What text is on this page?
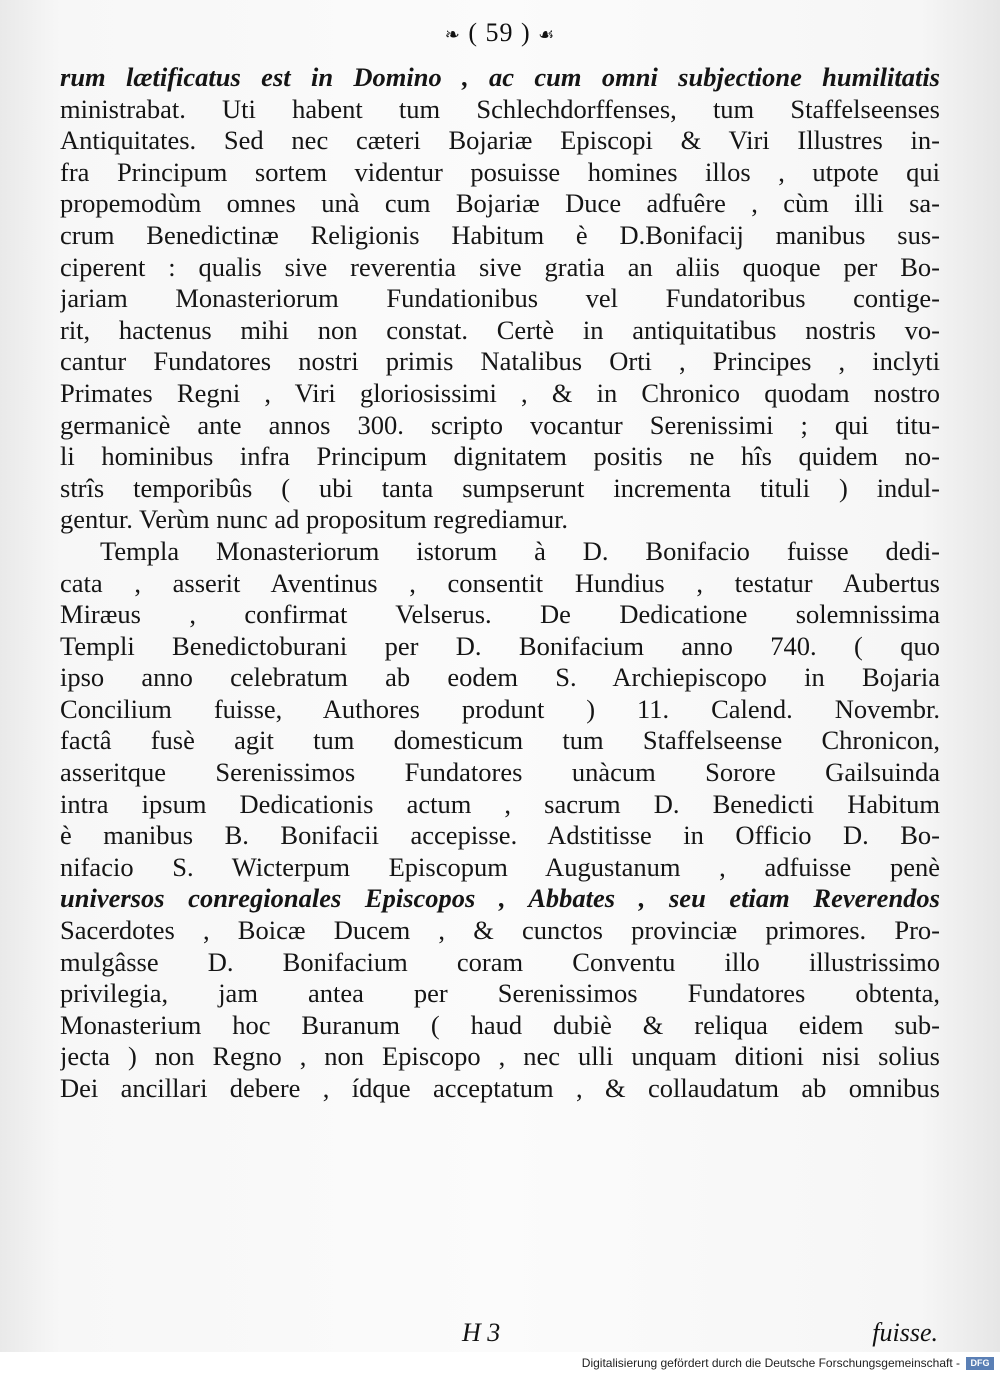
❧ ( 59 ) ☙
rum lætificatus est in Domino , ac cum omni subjectione humilitatis
ministrabat. Uti habent tum Schlechdorffenses, tum Staffelseenses
Antiquitates. Sed nec cæteri Bojariæ Episcopi & Viri Illustres in-
fra Principum sortem videntur posuisse homines illos , utpote qui
propemodùm omnes unà cum Bojariæ Duce adfuêre , cùm illi sa-
crum Benedictinæ Religionis Habitum è D.Bonifacij manibus sus-
ciperent : qualis sive reverentia sive gratia an aliis quoque per Bo-
jariam Monasteriorum Fundationibus vel Fundatoribus contige-
rit, hactenus mihi non constat. Certè in antiquitatibus nostris vo-
cantur Fundatores nostri primis Natalibus Orti , Principes , inclyti
Primates Regni , Viri gloriosissimi , & in Chronico quodam nostro
germanicè ante annos 300. scripto vocantur Serenissimi ; qui titu-
li hominibus infra Principum dignitatem positis ne hîs quidem no-
strîs temporibûs ( ubi tanta sumpserunt incrementa tituli ) indul-
gentur. Verùm nunc ad propositum regrediamur.
Templa Monasteriorum istorum à D. Bonifacio fuisse dedi-
cata , asserit Aventinus , consentit Hundius , testatur Aubertus
Miræus , confirmat Velserus. De Dedicatione solemnissima
Templi Benedictoburani per D. Bonifacium anno 740. ( quo
ipso anno celebratum ab eodem S. Archiepiscopo in Bojaria
Concilium fuisse, Authores produnt ) 11. Calend. Novembr.
factâ fusè agit tum domesticum tum Staffelseense Chronicon,
asseritque Serenissimos Fundatores unàcum Sorore Gailsuinda
intra ipsum Dedicationis actum , sacrum D. Benedicti Habitum
è manibus B. Bonifacii accepisse. Adstitisse in Officio D. Bo-
nifacio S. Wicterpum Episcopum Augustanum , adfuisse penè
universos conregionales Episcopos , Abbates , seu etiam Reverendos
Sacerdotes , Boicæ Ducem , & cunctos provinciæ primores. Pro-
mulgâsse D. Bonifacium coram Conventu illo illustrissimo
privilegia, jam antea per Serenissimos Fundatores obtenta,
Monasterium hoc Buranum ( haud dubiè & reliqua eidem sub-
jecta ) non Regno , non Episcopo , nec ulli unquam ditioni nisi solius
Dei ancillari debere , ídque acceptatum , & collaudatum ab omnibus
H 3	fuisse.
Digitalisierung gefördert durch die Deutsche Forschungsgemeinschaft -	DFG
